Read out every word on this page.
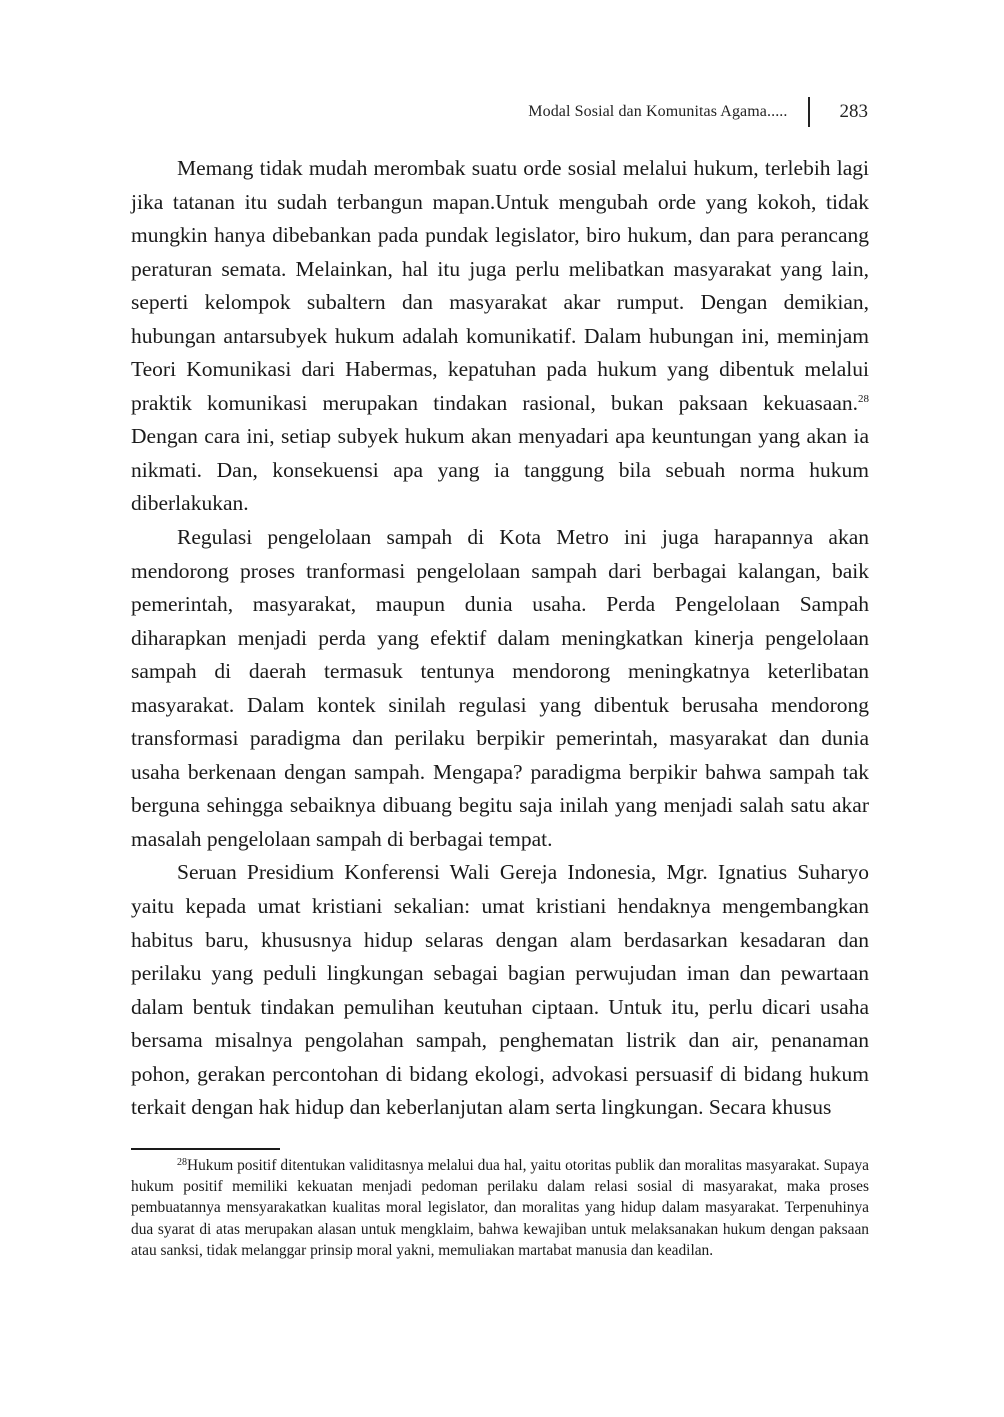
Modal Sosial dan Komunitas Agama.....	283

Memang tidak mudah merombak suatu orde sosial melalui hukum, terlebih lagi jika tatanan itu sudah terbangun mapan.Untuk mengubah orde yang kokoh, tidak mungkin hanya dibebankan pada pundak legislator, biro hukum, dan para perancang peraturan semata. Melainkan, hal itu juga perlu melibatkan masyarakat yang lain, seperti kelompok subaltern dan masyarakat akar rumput. Dengan demikian, hubungan antarsubyek hukum adalah komunikatif. Dalam hubungan ini, meminjam Teori Komunikasi dari Habermas, kepatuhan pada hukum yang dibentuk melalui praktik komunikasi merupakan tindakan rasional, bukan paksaan kekuasaan.$^{28}$ Dengan cara ini, setiap subyek hukum akan menyadari apa keuntungan yang akan ia nikmati. Dan, konsekuensi apa yang ia tanggung bila sebuah norma hukum diberlakukan.

Regulasi pengelolaan sampah di Kota Metro ini juga harapannya akan mendorong proses tranformasi pengelolaan sampah dari berbagai kalangan, baik pemerintah, masyarakat, maupun dunia usaha. Perda Pengelolaan Sampah diharapkan menjadi perda yang efektif dalam meningkatkan kinerja pengelolaan sampah di daerah termasuk tentunya mendorong meningkatnya keterlibatan masyarakat. Dalam kontek sinilah regulasi yang dibentuk berusaha mendorong transformasi paradigma dan perilaku berpikir pemerintah, masyarakat dan dunia usaha berkenaan dengan sampah. Mengapa? paradigma berpikir bahwa sampah tak berguna sehingga sebaiknya dibuang begitu saja inilah yang menjadi salah satu akar masalah pengelolaan sampah di berbagai tempat.

Seruan Presidium Konferensi Wali Gereja Indonesia, Mgr. Ignatius Suharyo yaitu kepada umat kristiani sekalian: umat kristiani hendaknya mengembangkan habitus baru, khususnya hidup selaras dengan alam berdasarkan kesadaran dan perilaku yang peduli lingkungan sebagai bagian perwujudan iman dan pewartaan dalam bentuk tindakan pemulihan keutuhan ciptaan. Untuk itu, perlu dicari usaha bersama misalnya pengolahan sampah, penghematan listrik dan air, penanaman pohon, gerakan percontohan di bidang ekologi, advokasi persuasif di bidang hukum terkait dengan hak hidup dan keberlanjutan alam serta lingkungan. Secara khusus

$^{28}$Hukum positif ditentukan validitasnya melalui dua hal, yaitu otoritas publik dan moralitas masyarakat. Supaya hukum positif memiliki kekuatan menjadi pedoman perilaku dalam relasi sosial di masyarakat, maka proses pembuatannya mensyarakatkan kualitas moral legislator, dan moralitas yang hidup dalam masyarakat. Terpenuhinya dua syarat di atas merupakan alasan untuk mengklaim, bahwa kewajiban untuk melaksanakan hukum dengan paksaan atau sanksi, tidak melanggar prinsip moral yakni, memuliakan martabat manusia dan keadilan.
